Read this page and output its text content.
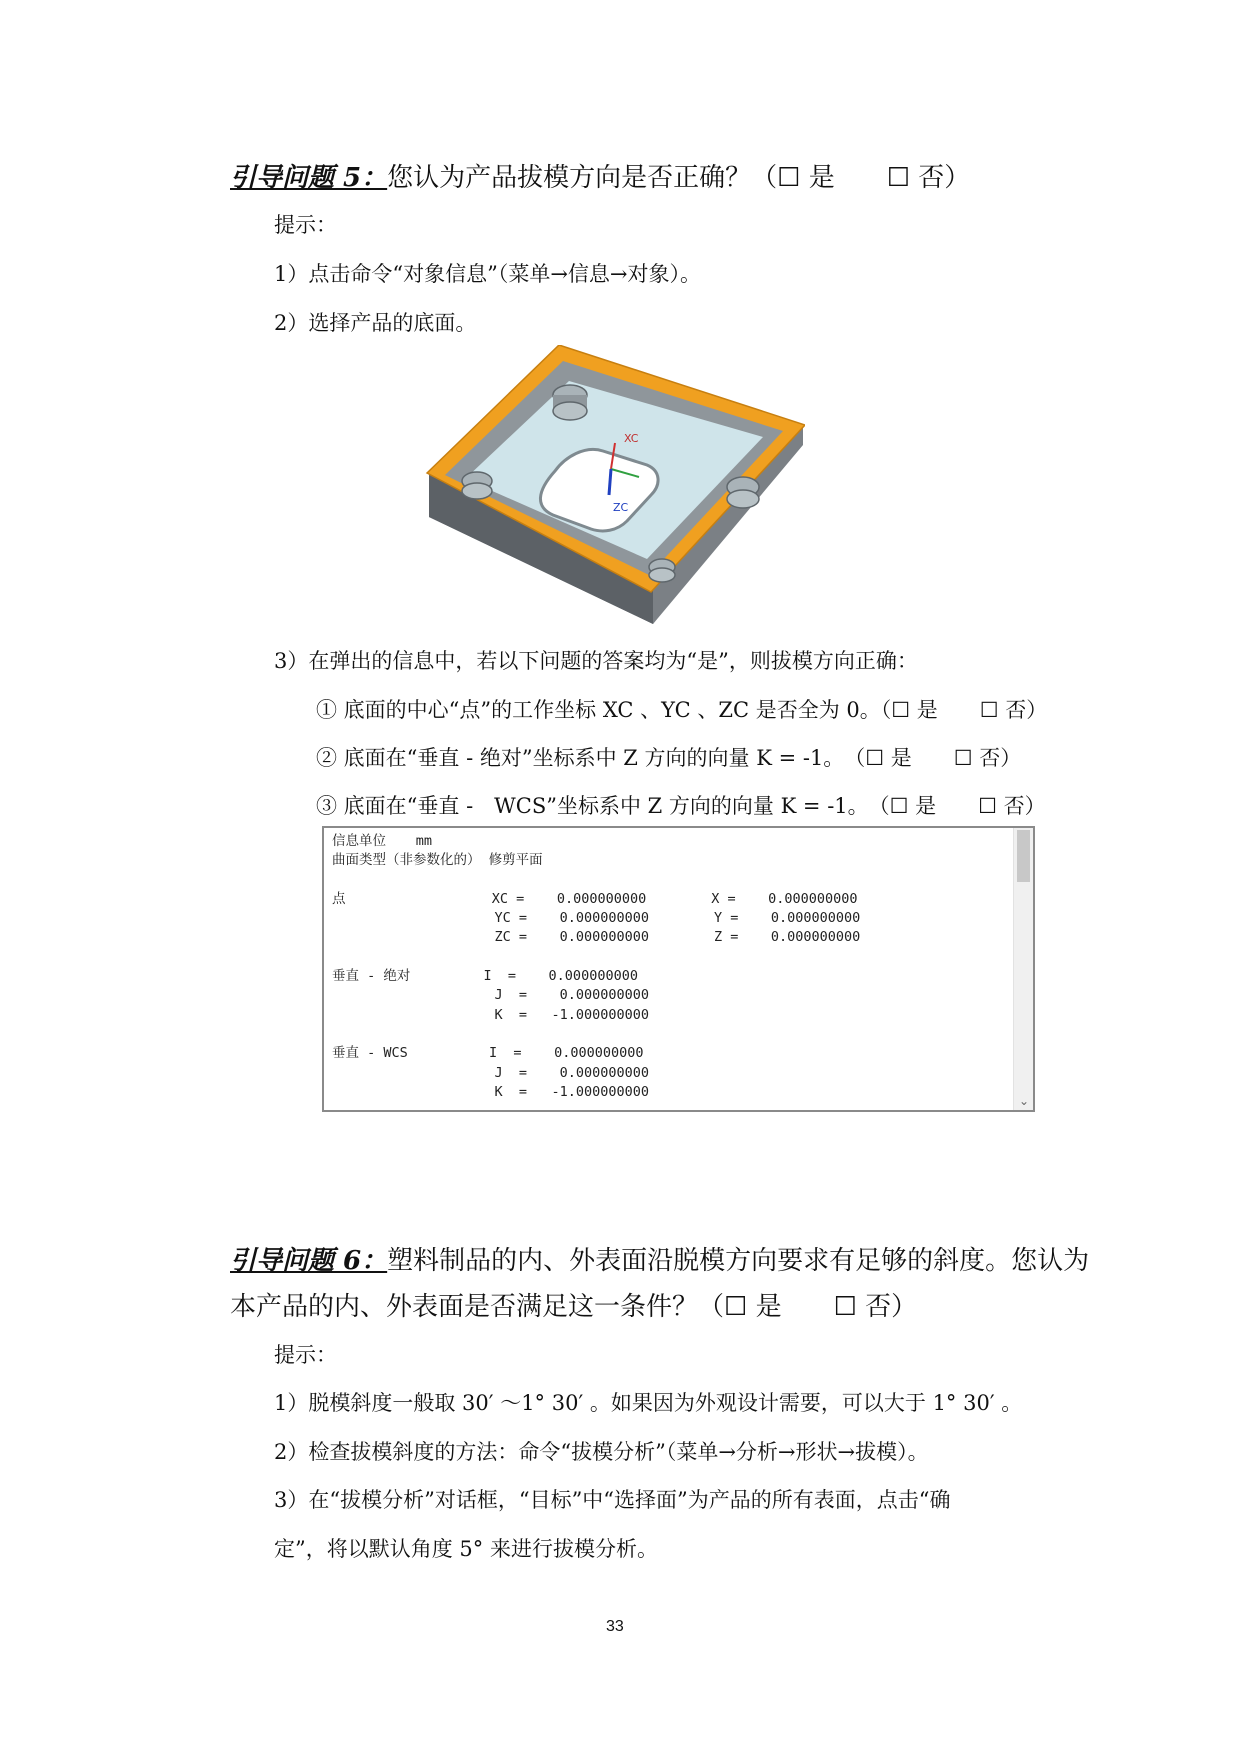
引导问题 5：您认为产品拔模方向是否正确？（☐ 是　　☐ 否）
提示：
1）点击命令“对象信息”（菜单→信息→对象）。
2）选择产品的底面。
XC
ZC
3）在弹出的信息中，若以下问题的答案均为“是”，则拔模方向正确：
① 底面的中心“点”的工作坐标 XC 、YC 、ZC 是否全为 0。（☐ 是　　☐ 否）
② 底面在“垂直 - 绝对”坐标系中 Z 方向的向量 K = -1。　（☐ 是　　☐ 否）
③ 底面在“垂直 -　WCS”坐标系中 Z 方向的向量 K = -1。　（☐ 是　　☐ 否）
信息单位　  mm
曲面类型（非参数化的） 修剪平面

点                  XC =    0.000000000        X =    0.000000000
YC =    0.000000000        Y =    0.000000000
ZC =    0.000000000        Z =    0.000000000

垂直 - 绝对         I  =    0.000000000
J  =    0.000000000
K  =   -1.000000000

垂直 - WCS          I  =    0.000000000
J  =    0.000000000
K  =   -1.000000000
⌄
引导问题 6：塑料制品的内、外表面沿脱模方向要求有足够的斜度。您认为
本产品的内、外表面是否满足这一条件？（☐ 是　　☐ 否）
提示：
1）脱模斜度一般取 30′ ～1° 30′ 。如果因为外观设计需要，可以大于 1° 30′ 。
2）检查拔模斜度的方法：命令“拔模分析”（菜单→分析→形状→拔模）。
3）在“拔模分析”对话框，“目标”中“选择面”为产品的所有表面，点击“确
定”，将以默认角度 5° 来进行拔模分析。
33
